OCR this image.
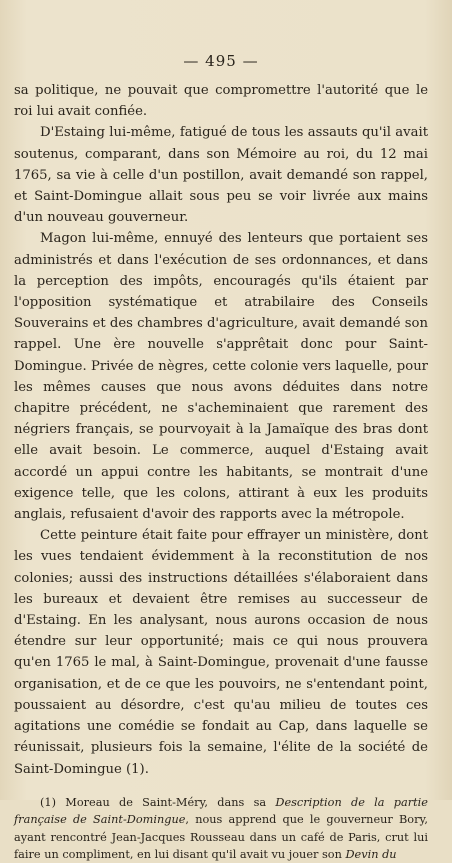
— 495 —

sa politique, ne pouvait que compromettre l'autorité que le roi lui avait confiée.

D'Estaing lui-même, fatigué de tous les assauts qu'il avait soutenus, comparant, dans son Mémoire au roi, du 12 mai 1765, sa vie à celle d'un postillon, avait demandé son rappel, et Saint-Domingue allait sous peu se voir livrée aux mains d'un nouveau gouverneur.

Magon lui-même, ennuyé des lenteurs que portaient ses administrés et dans l'exécution de ses ordonnances, et dans la perception des impôts, encouragés qu'ils étaient par l'opposition systématique et atrabilaire des Conseils Souverains et des chambres d'agriculture, avait demandé son rappel. Une ère nouvelle s'apprêtait donc pour Saint-Domingue. Privée de nègres, cette colonie vers laquelle, pour les mêmes causes que nous avons déduites dans notre chapitre précédent, ne s'acheminaient que rarement des négriers français, se pourvoyait à la Jamaïque des bras dont elle avait besoin. Le commerce, auquel d'Estaing avait accordé un appui contre les habitants, se montrait d'une exigence telle, que les colons, attirant à eux les produits anglais, refusaient d'avoir des rapports avec la métropole.

Cette peinture était faite pour effrayer un ministère, dont les vues tendaient évidemment à la reconstitution de nos colonies; aussi des instructions détaillées s'élaboraient dans les bureaux et devaient être remises au successeur de d'Estaing. En les analysant, nous aurons occasion de nous étendre sur leur opportunité; mais ce qui nous prouvera qu'en 1765 le mal, à Saint-Domingue, provenait d'une fausse organisation, et de ce que les pouvoirs, ne s'entendant point, poussaient au désordre, c'est qu'au milieu de toutes ces agitations une comédie se fondait au Cap, dans laquelle se réunissait, plusieurs fois la semaine, l'élite de la société de Saint-Domingue (1).

(1) Moreau de Saint-Méry, dans sa Description de la partie française de Saint-Domingue, nous apprend que le gouverneur Bory, ayant rencontré Jean-Jacques Rousseau dans un café de Paris, crut lui faire un compliment, en lui disant qu'il avait vu jouer son Devin du
